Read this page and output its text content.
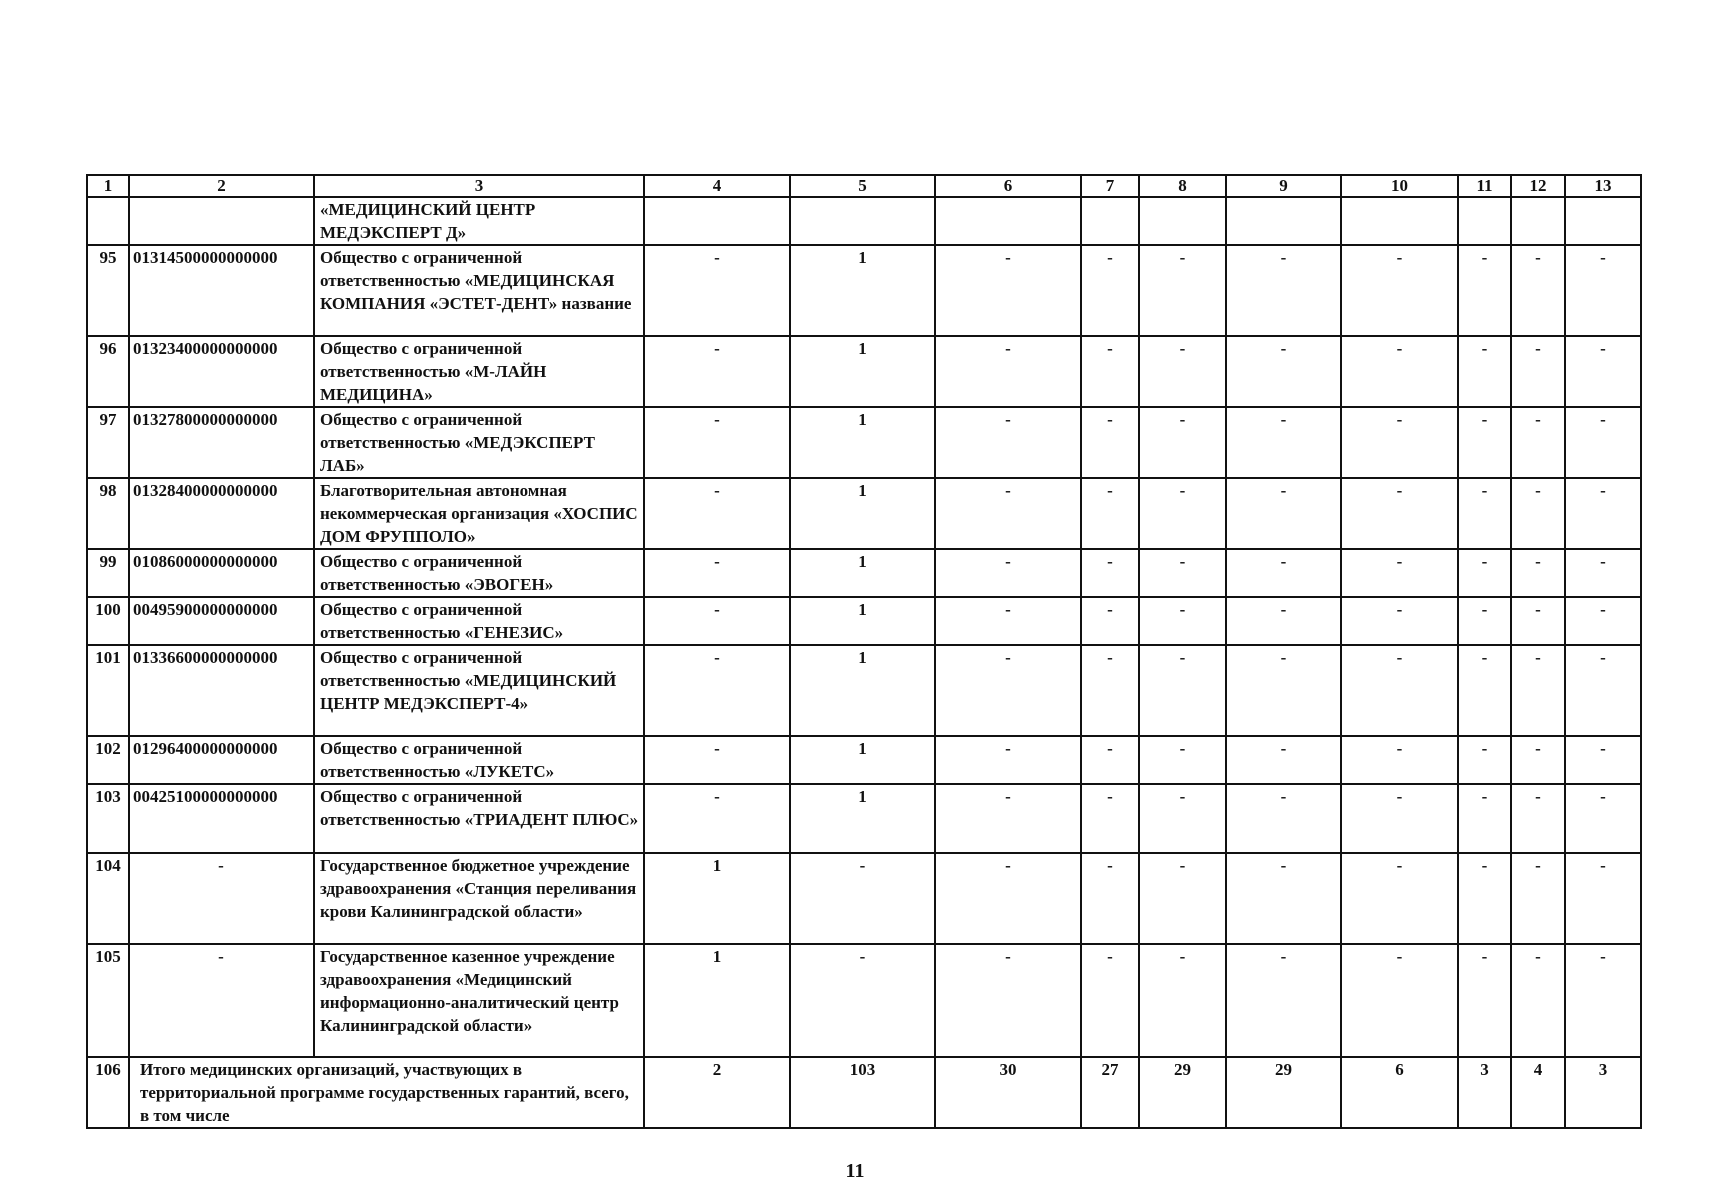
1	2	3	4	5	6	7	8	9	10	11	12	13
		«МЕДИЦИНСКИЙ ЦЕНТР МЕДЭКСПЕРТ Д»										
95	01314500000000000	Общество с ограниченной ответственностью «МЕДИЦИНСКАЯ КОМПАНИЯ «ЭСТЕТ-ДЕНТ» название	-	1	-	-	-	-	-	-	-	-
96	01323400000000000	Общество с ограниченной ответственностью «М-ЛАЙН МЕДИЦИНА»	-	1	-	-	-	-	-	-	-	-
97	01327800000000000	Общество с ограниченной ответственностью «МЕДЭКСПЕРТ ЛАБ»	-	1	-	-	-	-	-	-	-	-
98	01328400000000000	Благотворительная автономная некоммерческая организация «ХОСПИС ДОМ ФРУППОЛО»	-	1	-	-	-	-	-	-	-	-
99	01086000000000000	Общество с ограниченной ответственностью «ЭВОГЕН»	-	1	-	-	-	-	-	-	-	-
100	00495900000000000	Общество с ограниченной ответственностью «ГЕНЕЗИС»	-	1	-	-	-	-	-	-	-	-
101	01336600000000000	Общество с ограниченной ответственностью «МЕДИЦИНСКИЙ ЦЕНТР МЕДЭКСПЕРТ-4»	-	1	-	-	-	-	-	-	-	-
102	01296400000000000	Общество с ограниченной ответственностью «ЛУКЕТС»	-	1	-	-	-	-	-	-	-	-
103	00425100000000000	Общество с ограниченной ответственностью «ТРИАДЕНТ ПЛЮС»	-	1	-	-	-	-	-	-	-	-
104	-	Государственное бюджетное учреждение здравоохранения «Станция переливания крови Калининградской области»	1	-	-	-	-	-	-	-	-	-
105	-	Государственное казенное учреждение здравоохранения «Медицинский информационно-аналитический центр Калининградской области»	1	-	-	-	-	-	-	-	-	-
106	Итого медицинских организаций, участвующих в территориальной программе государственных гарантий, всего, в том числе		2	103	30	27	29	29	6	3	4	3
11
